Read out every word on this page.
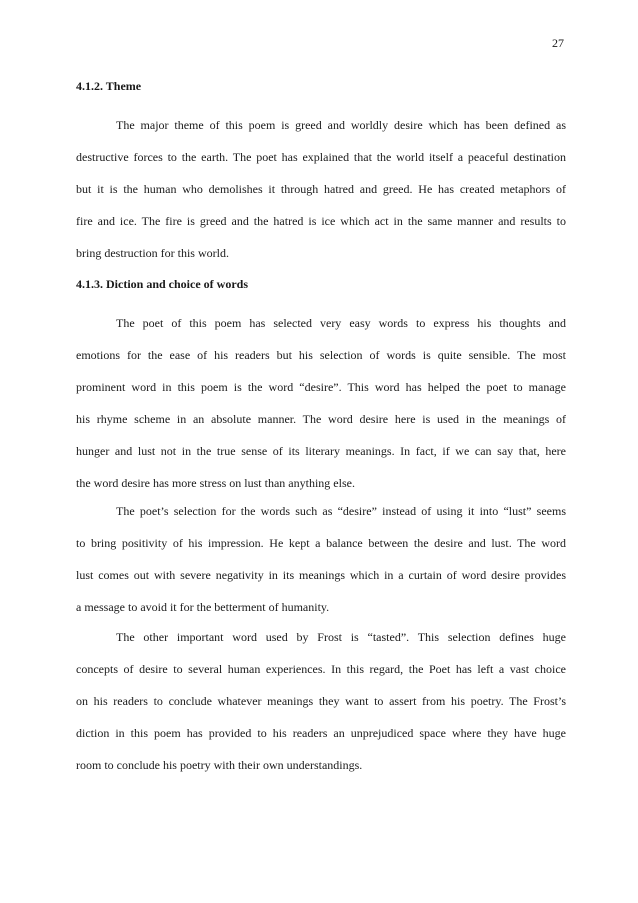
27
4.1.2. Theme
The major theme of this poem is greed and worldly desire which has been defined as
destructive forces to the earth. The poet has explained that the world itself a peaceful destination
but it is the human who demolishes it through hatred and greed. He has created metaphors of
fire and ice. The fire is greed and the hatred is ice which act in the same manner and results to
bring destruction for this world.
4.1.3. Diction and choice of words
The poet of this poem has selected very easy words to express his thoughts and
emotions for the ease of his readers but his selection of words is quite sensible. The most
prominent word in this poem is the word “desire”. This word has helped the poet to manage
his rhyme scheme in an absolute manner. The word desire here is used in the meanings of
hunger and lust not in the true sense of its literary meanings. In fact, if we can say that, here
the word desire has more stress on lust than anything else.
The poet’s selection for the words such as “desire” instead of using it into “lust” seems
to bring positivity of his impression. He kept a balance between the desire and lust. The word
lust comes out with severe negativity in its meanings which in a curtain of word desire provides
a message to avoid it for the betterment of humanity.
The other important word used by Frost is “tasted”. This selection defines huge
concepts of desire to several human experiences. In this regard, the Poet has left a vast choice
on his readers to conclude whatever meanings they want to assert from his poetry. The Frost’s
diction in this poem has provided to his readers an unprejudiced space where they have huge
room to conclude his poetry with their own understandings.
